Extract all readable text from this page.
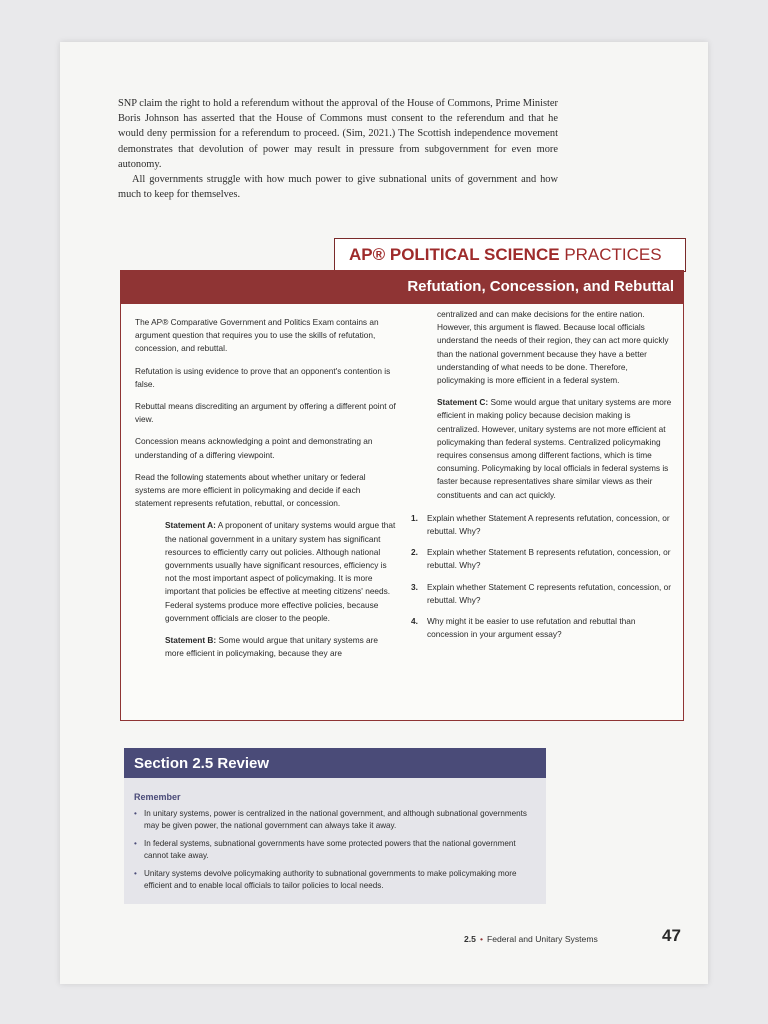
SNP claim the right to hold a referendum without the approval of the House of Commons, Prime Minister Boris Johnson has asserted that the House of Commons must consent to the referendum and that he would deny permission for a referendum to proceed. (Sim, 2021.) The Scottish independence movement demonstrates that devolution of power may result in pressure from subgovernment for even more autonomy.

All governments struggle with how much power to give subnational units of government and how much to keep for themselves.

AP® POLITICAL SCIENCE PRACTICES
Refutation, Concession, and Rebuttal

The AP® Comparative Government and Politics Exam contains an argument question that requires you to use the skills of refutation, concession, and rebuttal.

Refutation is using evidence to prove that an opponent's contention is false.

Rebuttal means discrediting an argument by offering a different point of view.

Concession means acknowledging a point and demonstrating an understanding of a differing viewpoint.

Read the following statements about whether unitary or federal systems are more efficient in policymaking and decide if each statement represents refutation, rebuttal, or concession.

Statement A: A proponent of unitary systems would argue that the national government in a unitary system has significant resources to efficiently carry out policies. Although national governments usually have significant resources, efficiency is not the most important aspect of policymaking. It is more important that policies be effective at meeting citizens' needs. Federal systems produce more effective policies, because government officials are closer to the people.

Statement B: Some would argue that unitary systems are more efficient in policymaking, because they are

centralized and can make decisions for the entire nation. However, this argument is flawed. Because local officials understand the needs of their region, they can act more quickly than the national government because they have a better understanding of what needs to be done. Therefore, policymaking is more efficient in a federal system.

Statement C: Some would argue that unitary systems are more efficient in making policy because decision making is centralized. However, unitary systems are not more efficient at policymaking than federal systems. Centralized policymaking requires consensus among different factions, which is time consuming. Policymaking by local officials in federal systems is faster because representatives share similar views as their constituents and can act quickly.

1. Explain whether Statement A represents refutation, concession, or rebuttal. Why?
2. Explain whether Statement B represents refutation, concession, or rebuttal. Why?
3. Explain whether Statement C represents refutation, concession, or rebuttal. Why?
4. Why might it be easier to use refutation and rebuttal than concession in your argument essay?
Section 2.5 Review
Remember
• In unitary systems, power is centralized in the national government, and although subnational governments may be given power, the national government can always take it away.
• In federal systems, subnational governments have some protected powers that the national government cannot take away.
• Unitary systems devolve policymaking authority to subnational governments to make policymaking more efficient and to enable local officials to tailor policies to local needs.
2.5 • Federal and Unitary Systems	47
